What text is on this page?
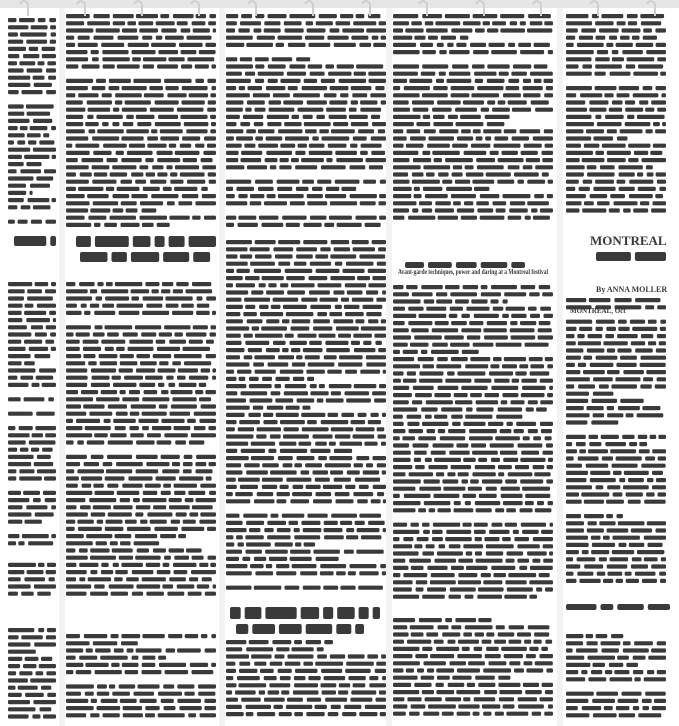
MONTREAL
By ANNA MOLLER
Avant-garde techniques, power and daring at a Montreal festival
MONTREAL, Oct
